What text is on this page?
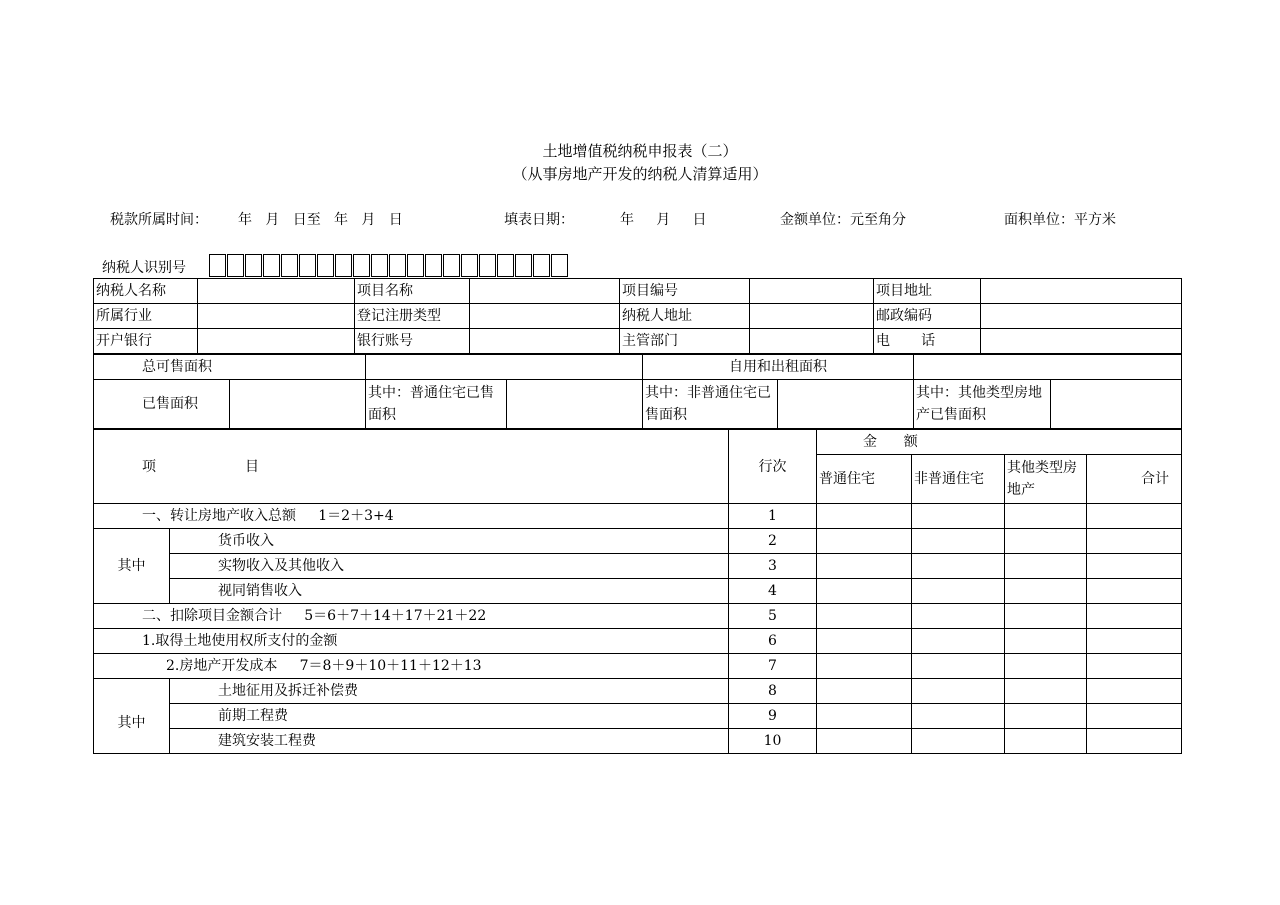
土地增值税纳税申报表（二）
（从事房地产开发的纳税人清算适用）
税款所属时间： 年   月   日至   年   月   日	填表日期：	年     月     日	金额单位：元至角分	面积单位：平方米
纳税人识别号
纳税人名称		项目名称		项目编号		项目地址	
所属行业		登记注册类型		纳税人地址		邮政编码	
开户银行		银行账号		主管部门		电       话	
总可售面积				自用和出租面积			
已售面积		其中：普通住宅已售面积		其中：非普通住宅已售面积		其中：其他类型房地产已售面积	
项                    目		行次	金      额			
			普通住宅	非普通住宅	其他类型房地产	合计
一、转让房地产收入总额     1＝2＋3+4		1				
其中	货币收入	2				
	实物收入及其他收入	3				
	视同销售收入	4				
二、扣除项目金额合计     5＝6＋7＋14＋17＋21＋22		5				
1.取得土地使用权所支付的金额		6				
2.房地产开发成本     7＝8＋9＋10＋11＋12＋13		7				
其中	土地征用及拆迁补偿费	8				
	前期工程费	9				
	建筑安装工程费	10				
